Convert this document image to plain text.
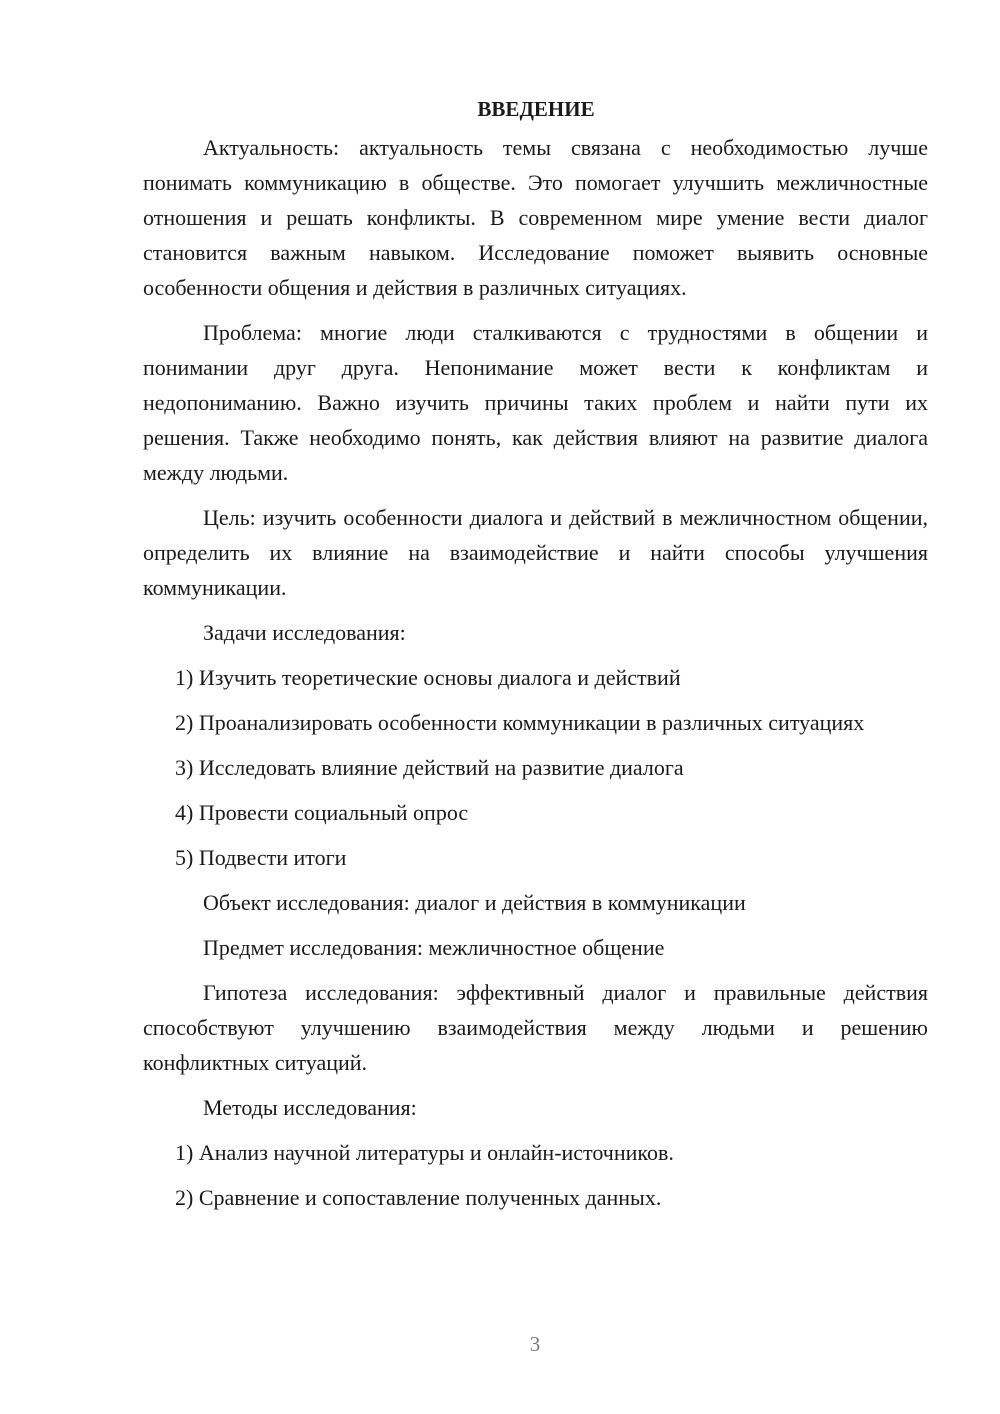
ВВЕДЕНИЕ

Актуальность: актуальность темы связана с необходимостью лучше понимать коммуникацию в обществе. Это помогает улучшить межличностные отношения и решать конфликты. В современном мире умение вести диалог становится важным навыком. Исследование поможет выявить основные особенности общения и действия в различных ситуациях.

Проблема: многие люди сталкиваются с трудностями в общении и понимании друг друга. Непонимание может вести к конфликтам и недопониманию. Важно изучить причины таких проблем и найти пути их решения. Также необходимо понять, как действия влияют на развитие диалога между людьми.

Цель: изучить особенности диалога и действий в межличностном общении, определить их влияние на взаимодействие и найти способы улучшения коммуникации.

Задачи исследования:

1) Изучить теоретические основы диалога и действий

2) Проанализировать особенности коммуникации в различных ситуациях

3) Исследовать влияние действий на развитие диалога

4) Провести социальный опрос

5) Подвести итоги

Объект исследования: диалог и действия в коммуникации

Предмет исследования: межличностное общение

Гипотеза исследования: эффективный диалог и правильные действия способствуют улучшению взаимодействия между людьми и решению конфликтных ситуаций.

Методы исследования:

1) Анализ научной литературы и онлайн-источников.

2) Сравнение и сопоставление полученных данных.

3
